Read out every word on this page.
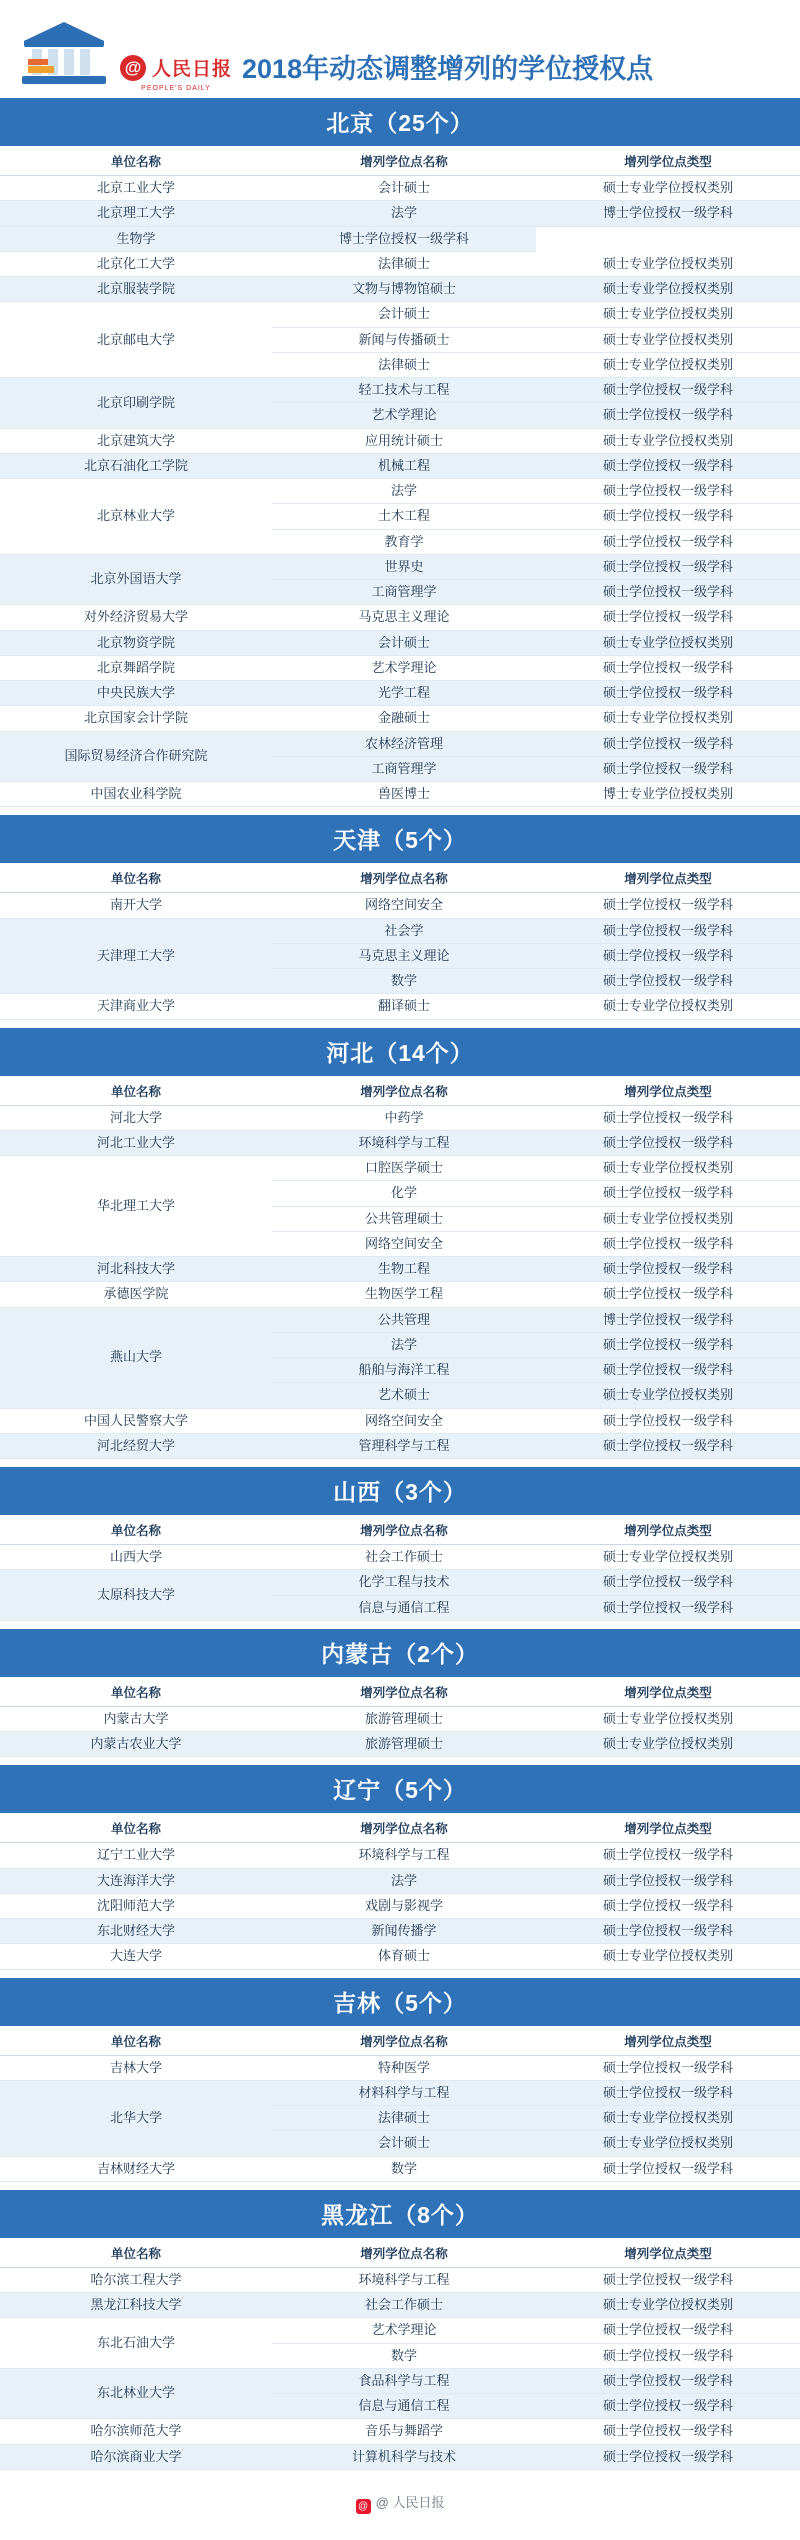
@ 人民日报
PEOPLE'S DAILY
2018年动态调整增列的学位授权点
北京（25个）
单位名称	增列学位点名称	增列学位点类型
北京工业大学	会计硕士	硕士专业学位授权类别
北京理工大学	法学	博士学位授权一级学科
生物学	博士学位授权一级学科	
北京化工大学	法律硕士	硕士专业学位授权类别
北京服装学院	文物与博物馆硕士	硕士专业学位授权类别
北京邮电大学	会计硕士	硕士专业学位授权类别
	新闻与传播硕士	硕士专业学位授权类别
	法律硕士	硕士专业学位授权类别
北京印刷学院	轻工技术与工程	硕士学位授权一级学科
	艺术学理论	硕士学位授权一级学科
北京建筑大学	应用统计硕士	硕士专业学位授权类别
北京石油化工学院	机械工程	硕士学位授权一级学科
北京林业大学	法学	硕士学位授权一级学科
	土木工程	硕士学位授权一级学科
	教育学	硕士学位授权一级学科
北京外国语大学	世界史	硕士学位授权一级学科
	工商管理学	硕士学位授权一级学科
对外经济贸易大学	马克思主义理论	硕士学位授权一级学科
北京物资学院	会计硕士	硕士专业学位授权类别
北京舞蹈学院	艺术学理论	硕士学位授权一级学科
中央民族大学	光学工程	硕士学位授权一级学科
北京国家会计学院	金融硕士	硕士专业学位授权类别
国际贸易经济合作研究院	农林经济管理	硕士学位授权一级学科
	工商管理学	硕士学位授权一级学科
中国农业科学院	兽医博士	博士专业学位授权类别
天津（5个）
单位名称	增列学位点名称	增列学位点类型
南开大学	网络空间安全	硕士学位授权一级学科
天津理工大学	社会学	硕士学位授权一级学科
	马克思主义理论	硕士学位授权一级学科
	数学	硕士学位授权一级学科
天津商业大学	翻译硕士	硕士专业学位授权类别
河北（14个）
单位名称	增列学位点名称	增列学位点类型
河北大学	中药学	硕士学位授权一级学科
河北工业大学	环境科学与工程	硕士学位授权一级学科
华北理工大学	口腔医学硕士	硕士专业学位授权类别
	化学	硕士学位授权一级学科
	公共管理硕士	硕士专业学位授权类别
	网络空间安全	硕士学位授权一级学科
河北科技大学	生物工程	硕士学位授权一级学科
承德医学院	生物医学工程	硕士学位授权一级学科
燕山大学	公共管理	博士学位授权一级学科
	法学	硕士学位授权一级学科
	船舶与海洋工程	硕士学位授权一级学科
	艺术硕士	硕士专业学位授权类别
中国人民警察大学	网络空间安全	硕士学位授权一级学科
河北经贸大学	管理科学与工程	硕士学位授权一级学科
山西（3个）
单位名称	增列学位点名称	增列学位点类型
山西大学	社会工作硕士	硕士专业学位授权类别
太原科技大学	化学工程与技术	硕士学位授权一级学科
	信息与通信工程	硕士学位授权一级学科
内蒙古（2个）
单位名称	增列学位点名称	增列学位点类型
内蒙古大学	旅游管理硕士	硕士专业学位授权类别
内蒙古农业大学	旅游管理硕士	硕士专业学位授权类别
辽宁（5个）
单位名称	增列学位点名称	增列学位点类型
辽宁工业大学	环境科学与工程	硕士学位授权一级学科
大连海洋大学	法学	硕士学位授权一级学科
沈阳师范大学	戏剧与影视学	硕士学位授权一级学科
东北财经大学	新闻传播学	硕士学位授权一级学科
大连大学	体育硕士	硕士专业学位授权类别
吉林（5个）
单位名称	增列学位点名称	增列学位点类型
吉林大学	特种医学	硕士学位授权一级学科
北华大学	材料科学与工程	硕士学位授权一级学科
	法律硕士	硕士专业学位授权类别
	会计硕士	硕士专业学位授权类别
吉林财经大学	数学	硕士学位授权一级学科
黑龙江（8个）
单位名称	增列学位点名称	增列学位点类型
哈尔滨工程大学	环境科学与工程	硕士学位授权一级学科
黑龙江科技大学	社会工作硕士	硕士专业学位授权类别
东北石油大学	艺术学理论	硕士学位授权一级学科
	数学	硕士学位授权一级学科
东北林业大学	食品科学与工程	硕士学位授权一级学科
	信息与通信工程	硕士学位授权一级学科
哈尔滨师范大学	音乐与舞蹈学	硕士学位授权一级学科
哈尔滨商业大学	计算机科学与技术	硕士学位授权一级学科
@ @ 人民日报
